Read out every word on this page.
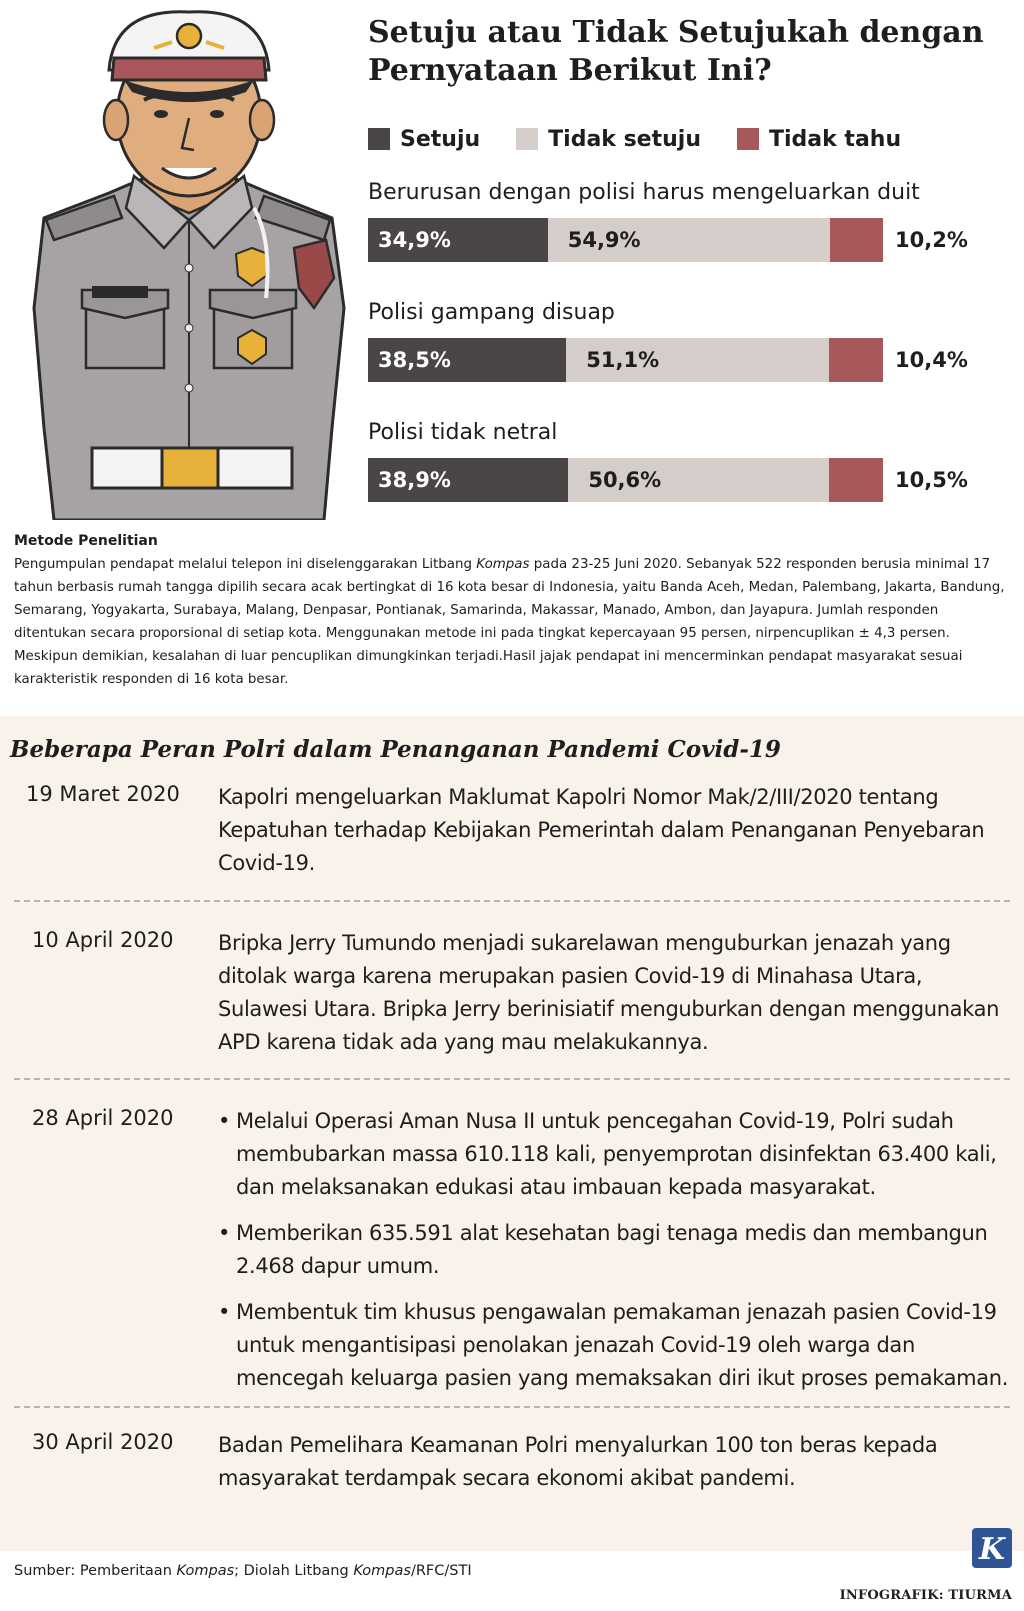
Setuju atau Tidak Setujukah dengan Pernyataan Berikut Ini?
Setuju	Tidak setuju	Tidak tahu
Berurusan dengan polisi harus mengeluarkan duit
34,9%	54,9%	10,2%
Polisi gampang disuap
38,5%	51,1%	10,4%
Polisi tidak netral
38,9%	50,6%	10,5%
Metode Penelitian
Pengumpulan pendapat melalui telepon ini diselenggarakan Litbang Kompas pada 23-25 Juni 2020. Sebanyak 522 responden berusia minimal 17 tahun berbasis rumah tangga dipilih secara acak bertingkat di 16 kota besar di Indonesia, yaitu Banda Aceh, Medan, Palembang, Jakarta, Bandung, Semarang, Yogyakarta, Surabaya, Malang, Denpasar, Pontianak, Samarinda, Makassar, Manado, Ambon, dan Jayapura. Jumlah responden ditentukan secara proporsional di setiap kota. Menggunakan metode ini pada tingkat kepercayaan 95 persen, nirpencuplikan ± 4,3 persen. Meskipun demikian, kesalahan di luar pencuplikan dimungkinkan terjadi.Hasil jajak pendapat ini mencerminkan pendapat masyarakat sesuai karakteristik responden di 16 kota besar.
Beberapa Peran Polri dalam Penanganan Pandemi Covid-19
19 Maret 2020 Kapolri mengeluarkan Maklumat Kapolri Nomor Mak/2/III/2020 tentang Kepatuhan terhadap Kebijakan Pemerintah dalam Penanganan Penyebaran Covid-19.
10 April 2020 Bripka Jerry Tumundo menjadi sukarelawan menguburkan jenazah yang ditolak warga karena merupakan pasien Covid-19 di Minahasa Utara, Sulawesi Utara. Bripka Jerry berinisiatif menguburkan dengan menggunakan APD karena tidak ada yang mau melakukannya.
28 April 2020 • Melalui Operasi Aman Nusa II untuk pencegahan Covid-19, Polri sudah membubarkan massa 610.118 kali, penyemprotan disinfektan 63.400 kali, dan melaksanakan edukasi atau imbauan kepada masyarakat.
• Memberikan 635.591 alat kesehatan bagi tenaga medis dan membangun 2.468 dapur umum.
• Membentuk tim khusus pengawalan pemakaman jenazah pasien Covid-19 untuk mengantisipasi penolakan jenazah Covid-19 oleh warga dan mencegah keluarga pasien yang memaksakan diri ikut proses pemakaman.
30 April 2020 Badan Pemelihara Keamanan Polri menyalurkan 100 ton beras kepada masyarakat terdampak secara ekonomi akibat pandemi.
Sumber: Pemberitaan Kompas; Diolah Litbang Kompas/RFC/STI
K
INFOGRAFIK: TIURMA
